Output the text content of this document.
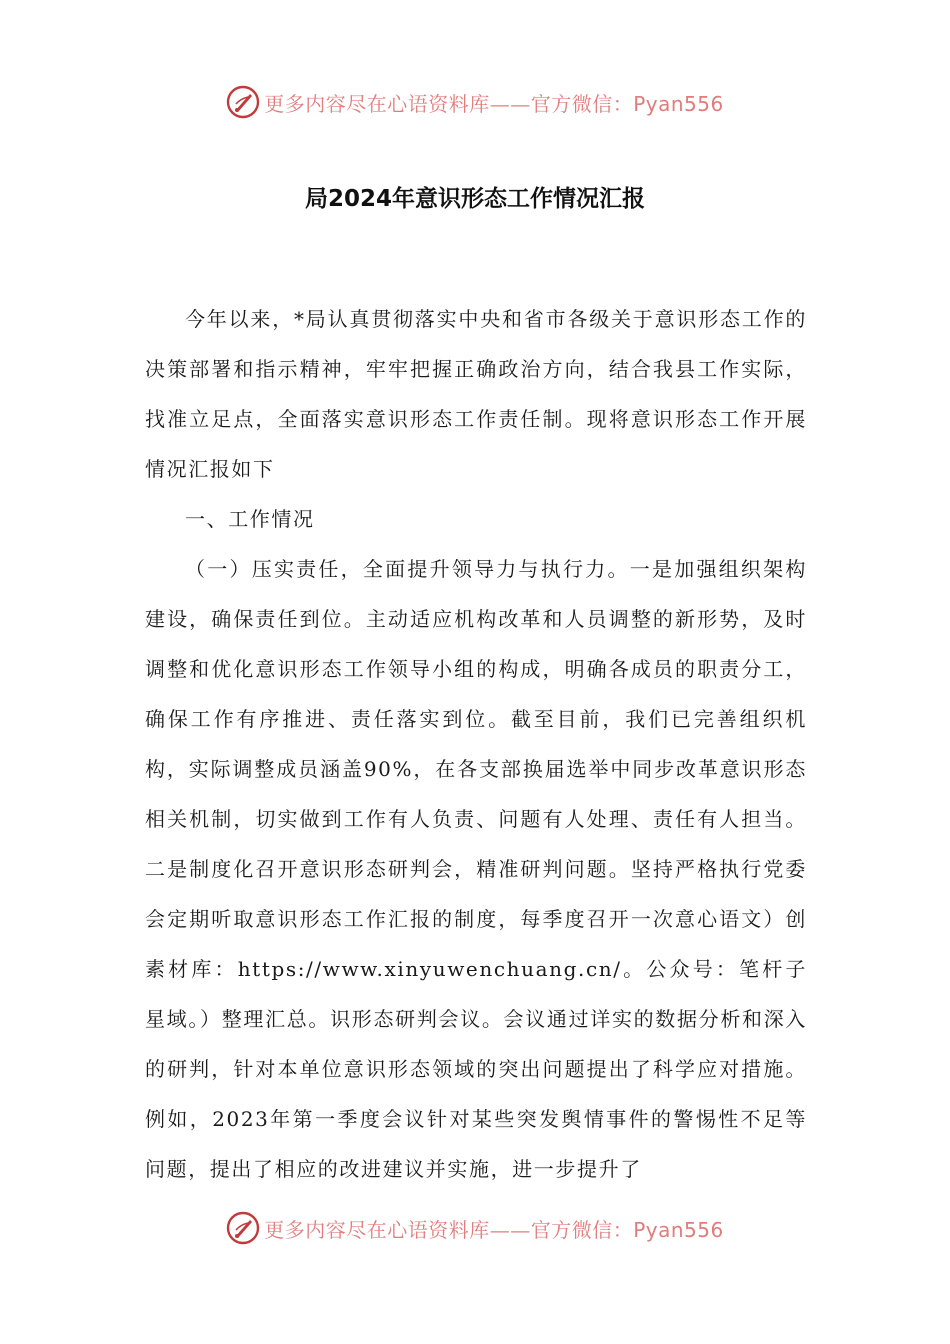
更多内容尽在心语资料库——官方微信：Pyan556
局2024年意识形态工作情况汇报

今年以来，*局认真贯彻落实中央和省市各级关于意识形态工作的决策部署和指示精神，牢牢把握正确政治方向，结合我县工作实际，找准立足点，全面落实意识形态工作责任制。现将意识形态工作开展情况汇报如下

一、工作情况

（一）压实责任，全面提升领导力与执行力。一是加强组织架构建设，确保责任到位。主动适应机构改革和人员调整的新形势，及时调整和优化意识形态工作领导小组的构成，明确各成员的职责分工，确保工作有序推进、责任落实到位。截至目前，我们已完善组织机构，实际调整成员涵盖90%，在各支部换届选举中同步改革意识形态相关机制，切实做到工作有人负责、问题有人处理、责任有人担当。二是制度化召开意识形态研判会，精准研判问题。坚持严格执行党委会定期听取意识形态工作汇报的制度，每季度召开一次意心语文）创素材库：https://www.xinyuwenchuang.cn/。公众号：笔杆子星域。）整理汇总。识形态研判会议。会议通过详实的数据分析和深入的研判，针对本单位意识形态领域的突出问题提出了科学应对措施。例如，2023年第一季度会议针对某些突发舆情事件的警惕性不足等问题，提出了相应的改进建议并实施，进一步提升了

更多内容尽在心语资料库——官方微信：Pyan556
